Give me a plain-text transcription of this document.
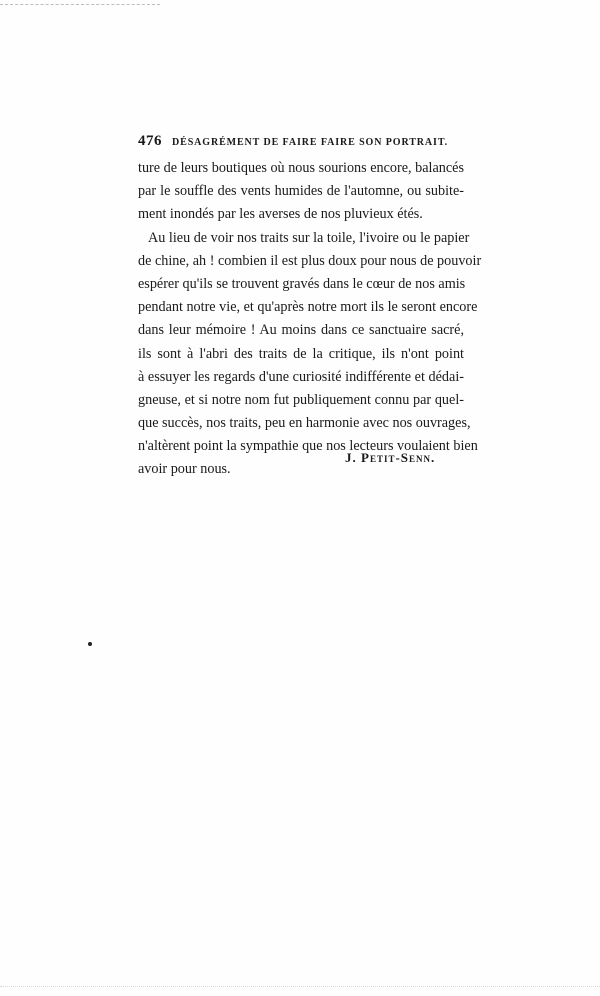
476 DÉSAGRÉMENT DE FAIRE FAIRE SON PORTRAIT.
ture de leurs boutiques où nous sourions encore, balancés
par le souffle des vents humides de l'automne, ou subite-
ment inondés par les averses de nos pluvieux étés.
Au lieu de voir nos traits sur la toile, l'ivoire ou le papier
de chine, ah ! combien il est plus doux pour nous de pouvoir
espérer qu'ils se trouvent gravés dans le cœur de nos amis
pendant notre vie, et qu'après notre mort ils le seront encore
dans leur mémoire ! Au moins dans ce sanctuaire sacré,
ils sont à l'abri des traits de la critique, ils n'ont point
à essuyer les regards d'une curiosité indifférente et dédai-
gneuse, et si notre nom fut publiquement connu par quel-
que succès, nos traits, peu en harmonie avec nos ouvrages,
n'altèrent point la sympathie que nos lecteurs voulaient bien
avoir pour nous.
J. Petit-Senn.
